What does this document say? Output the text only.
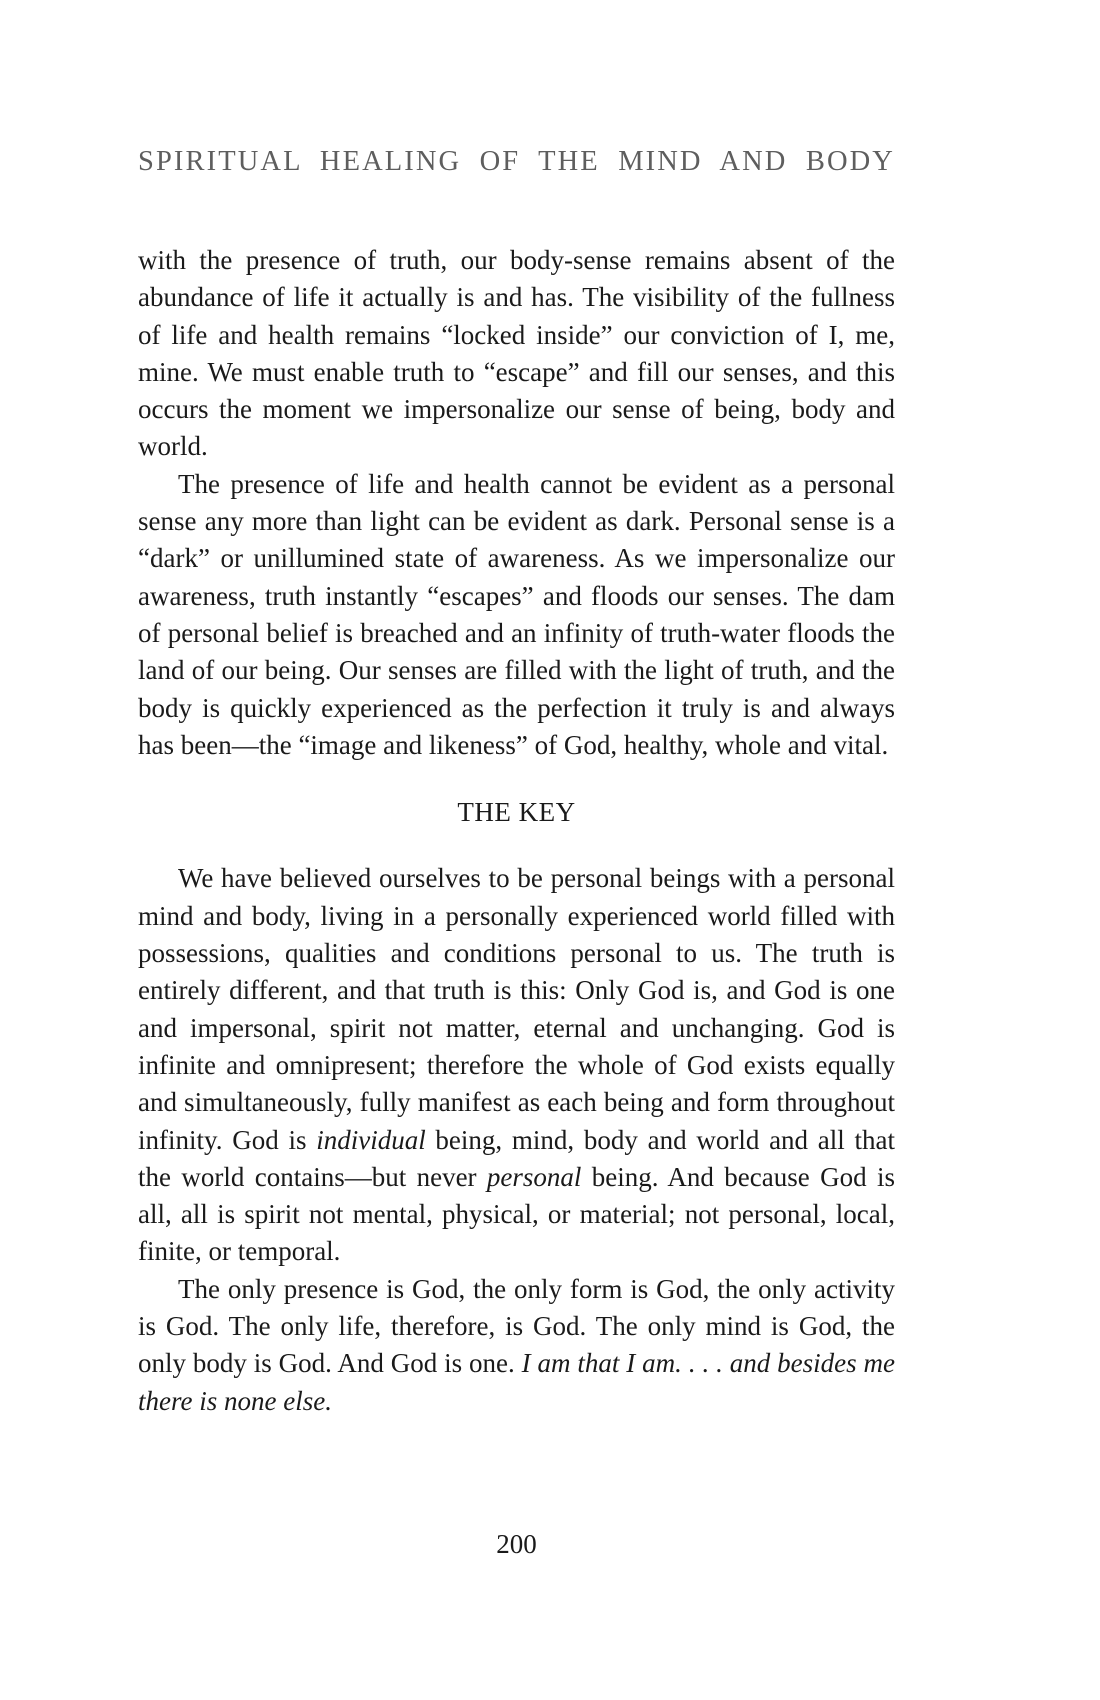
SPIRITUAL HEALING OF THE MIND AND BODY

with the presence of truth, our body-sense remains absent of the abundance of life it actually is and has. The visibility of the fullness of life and health remains “locked inside” our conviction of I, me, mine. We must enable truth to “escape” and fill our senses, and this occurs the moment we impersonalize our sense of being, body and world.

The presence of life and health cannot be evident as a personal sense any more than light can be evident as dark. Personal sense is a “dark” or unillumined state of awareness. As we impersonalize our awareness, truth instantly “escapes” and floods our senses. The dam of personal belief is breached and an infinity of truth-water floods the land of our being. Our senses are filled with the light of truth, and the body is quickly experienced as the perfection it truly is and always has been—the “image and likeness” of God, healthy, whole and vital.

THE KEY

We have believed ourselves to be personal beings with a personal mind and body, living in a personally experienced world filled with possessions, qualities and conditions personal to us. The truth is entirely different, and that truth is this: Only God is, and God is one and impersonal, spirit not matter, eternal and unchanging. God is infinite and omnipresent; therefore the whole of God exists equally and simultaneously, fully manifest as each being and form throughout infinity. God is individual being, mind, body and world and all that the world contains—but never personal being. And because God is all, all is spirit not mental, physical, or material; not personal, local, finite, or temporal.

The only presence is God, the only form is God, the only activity is God. The only life, therefore, is God. The only mind is God, the only body is God. And God is one. I am that I am. . . . and besides me there is none else.

200
